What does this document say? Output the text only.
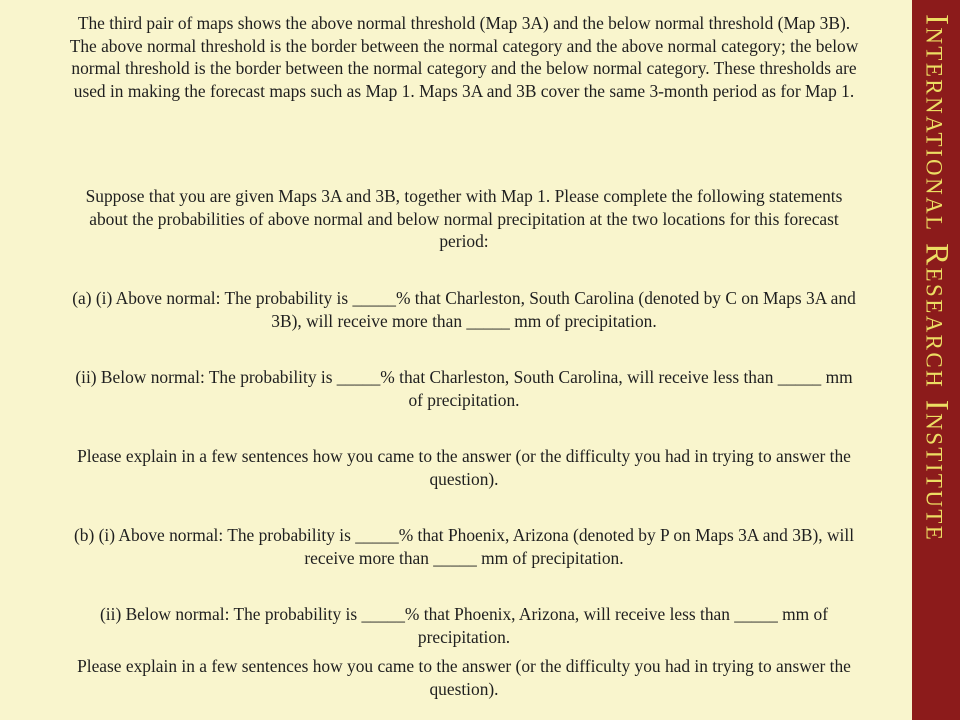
The third pair of maps shows the above normal threshold (Map 3A) and the below normal threshold (Map 3B). The above normal threshold is the border between the normal category and the above normal category; the below normal threshold is the border between the normal category and the below normal category. These thresholds are used in making the forecast maps such as Map 1. Maps 3A and 3B cover the same 3-month period as for Map 1.

Suppose that you are given Maps 3A and 3B, together with Map 1. Please complete the following statements about the probabilities of above normal and below normal precipitation at the two locations for this forecast period:

(a) (i) Above normal: The probability is _____% that Charleston, South Carolina (denoted by C on Maps 3A and 3B), will receive more than _____ mm of precipitation.

(ii) Below normal: The probability is _____% that Charleston, South Carolina, will receive less than _____ mm of precipitation.

Please explain in a few sentences how you came to the answer (or the difficulty you had in trying to answer the question).

(b) (i) Above normal: The probability is _____% that Phoenix, Arizona (denoted by P on Maps 3A and 3B), will receive more than _____ mm of precipitation.

(ii) Below normal: The probability is _____% that Phoenix, Arizona, will receive less than _____ mm of precipitation.

Please explain in a few sentences how you came to the answer (or the difficulty you had in trying to answer the question).

International Research Institute
